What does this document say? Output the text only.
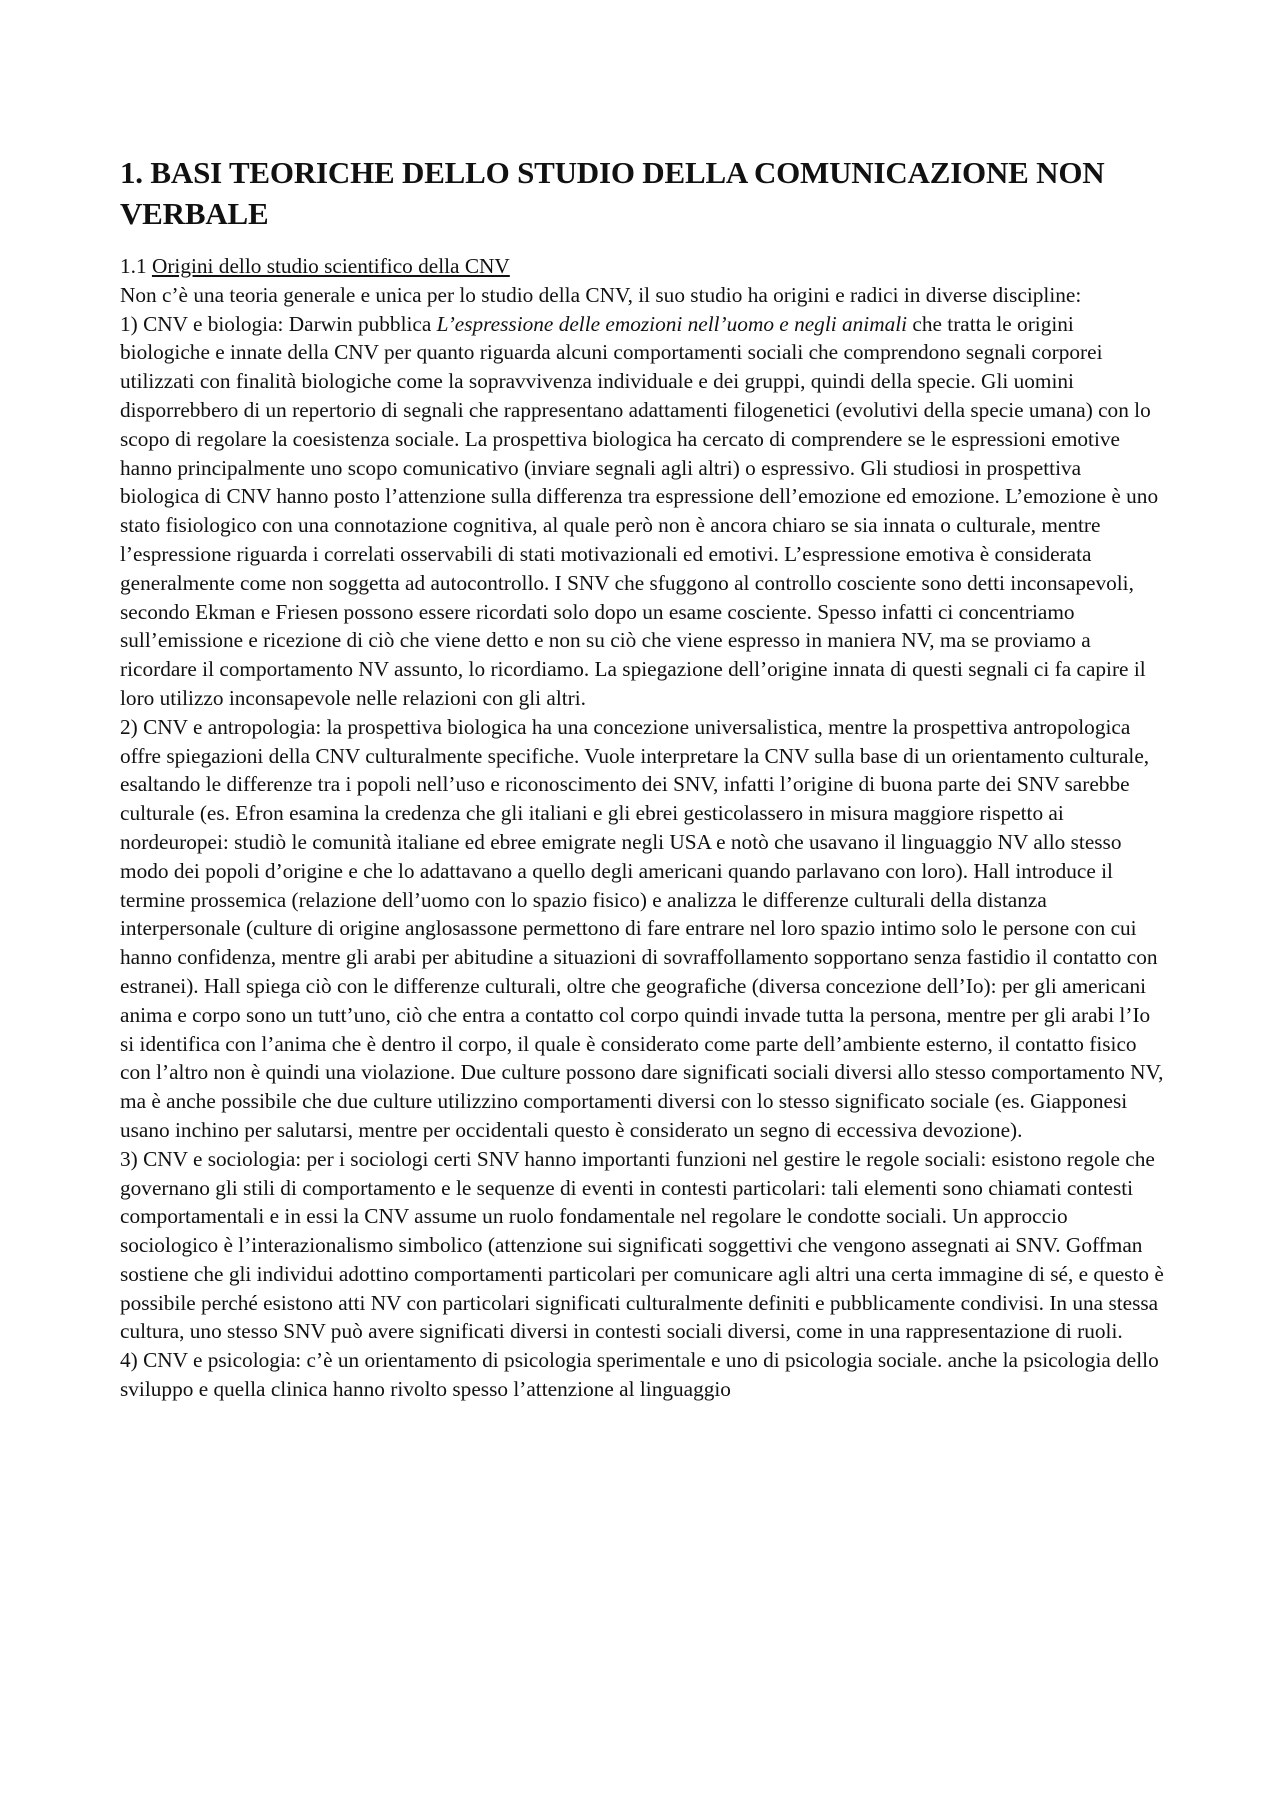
1. BASI TEORICHE DELLO STUDIO DELLA COMUNICAZIONE NON VERBALE

1.1 Origini dello studio scientifico della CNV

Non c’è una teoria generale e unica per lo studio della CNV, il suo studio ha origini e radici in diverse discipline:

1) CNV e biologia: Darwin pubblica L’espressione delle emozioni nell’uomo e negli animali che tratta le origini biologiche e innate della CNV per quanto riguarda alcuni comportamenti sociali che comprendono segnali corporei utilizzati con finalità biologiche come la sopravvivenza individuale e dei gruppi, quindi della specie. Gli uomini disporrebbero di un repertorio di segnali che rappresentano adattamenti filogenetici (evolutivi della specie umana) con lo scopo di regolare la coesistenza sociale. La prospettiva biologica ha cercato di comprendere se le espressioni emotive hanno principalmente uno scopo comunicativo (inviare segnali agli altri) o espressivo. Gli studiosi in prospettiva biologica di CNV hanno posto l’attenzione sulla differenza tra espressione dell’emozione ed emozione. L’emozione è uno stato fisiologico con una connotazione cognitiva, al quale però non è ancora chiaro se sia innata o culturale, mentre l’espressione riguarda i correlati osservabili di stati motivazionali ed emotivi. L’espressione emotiva è considerata generalmente come non soggetta ad autocontrollo. I SNV che sfuggono al controllo cosciente sono detti inconsapevoli, secondo Ekman e Friesen possono essere ricordati solo dopo un esame cosciente. Spesso infatti ci concentriamo sull’emissione e ricezione di ciò che viene detto e non su ciò che viene espresso in maniera NV, ma se proviamo a ricordare il comportamento NV assunto, lo ricordiamo. La spiegazione dell’origine innata di questi segnali ci fa capire il loro utilizzo inconsapevole nelle relazioni con gli altri.

2) CNV e antropologia: la prospettiva biologica ha una concezione universalistica, mentre la prospettiva antropologica offre spiegazioni della CNV culturalmente specifiche. Vuole interpretare la CNV sulla base di un orientamento culturale, esaltando le differenze tra i popoli nell’uso e riconoscimento dei SNV, infatti l’origine di buona parte dei SNV sarebbe culturale (es. Efron esamina la credenza che gli italiani e gli ebrei gesticolassero in misura maggiore rispetto ai nordeuropei: studiò le comunità italiane ed ebree emigrate negli USA e notò che usavano il linguaggio NV allo stesso modo dei popoli d’origine e che lo adattavano a quello degli americani quando parlavano con loro). Hall introduce il termine prossemica (relazione dell’uomo con lo spazio fisico) e analizza le differenze culturali della distanza interpersonale (culture di origine anglosassone permettono di fare entrare nel loro spazio intimo solo le persone con cui hanno confidenza, mentre gli arabi per abitudine a situazioni di sovraffollamento sopportano senza fastidio il contatto con estranei). Hall spiega ciò con le differenze culturali, oltre che geografiche (diversa concezione dell’Io): per gli americani anima e corpo sono un tutt’uno, ciò che entra a contatto col corpo quindi invade tutta la persona, mentre per gli arabi l’Io si identifica con l’anima che è dentro il corpo, il quale è considerato come parte dell’ambiente esterno, il contatto fisico con l’altro non è quindi una violazione. Due culture possono dare significati sociali diversi allo stesso comportamento NV, ma è anche possibile che due culture utilizzino comportamenti diversi con lo stesso significato sociale (es. Giapponesi usano inchino per salutarsi, mentre per occidentali questo è considerato un segno di eccessiva devozione).

3) CNV e sociologia: per i sociologi certi SNV hanno importanti funzioni nel gestire le regole sociali: esistono regole che governano gli stili di comportamento e le sequenze di eventi in contesti particolari: tali elementi sono chiamati contesti comportamentali e in essi la CNV assume un ruolo fondamentale nel regolare le condotte sociali. Un approccio sociologico è l’interazionalismo simbolico (attenzione sui significati soggettivi che vengono assegnati ai SNV. Goffman sostiene che gli individui adottino comportamenti particolari per comunicare agli altri una certa immagine di sé, e questo è possibile perché esistono atti NV con particolari significati culturalmente definiti e pubblicamente condivisi. In una stessa cultura, uno stesso SNV può avere significati diversi in contesti sociali diversi, come in una rappresentazione di ruoli.

4) CNV e psicologia: c’è un orientamento di psicologia sperimentale e uno di psicologia sociale. anche la psicologia dello sviluppo e quella clinica hanno rivolto spesso l’attenzione al linguaggio
